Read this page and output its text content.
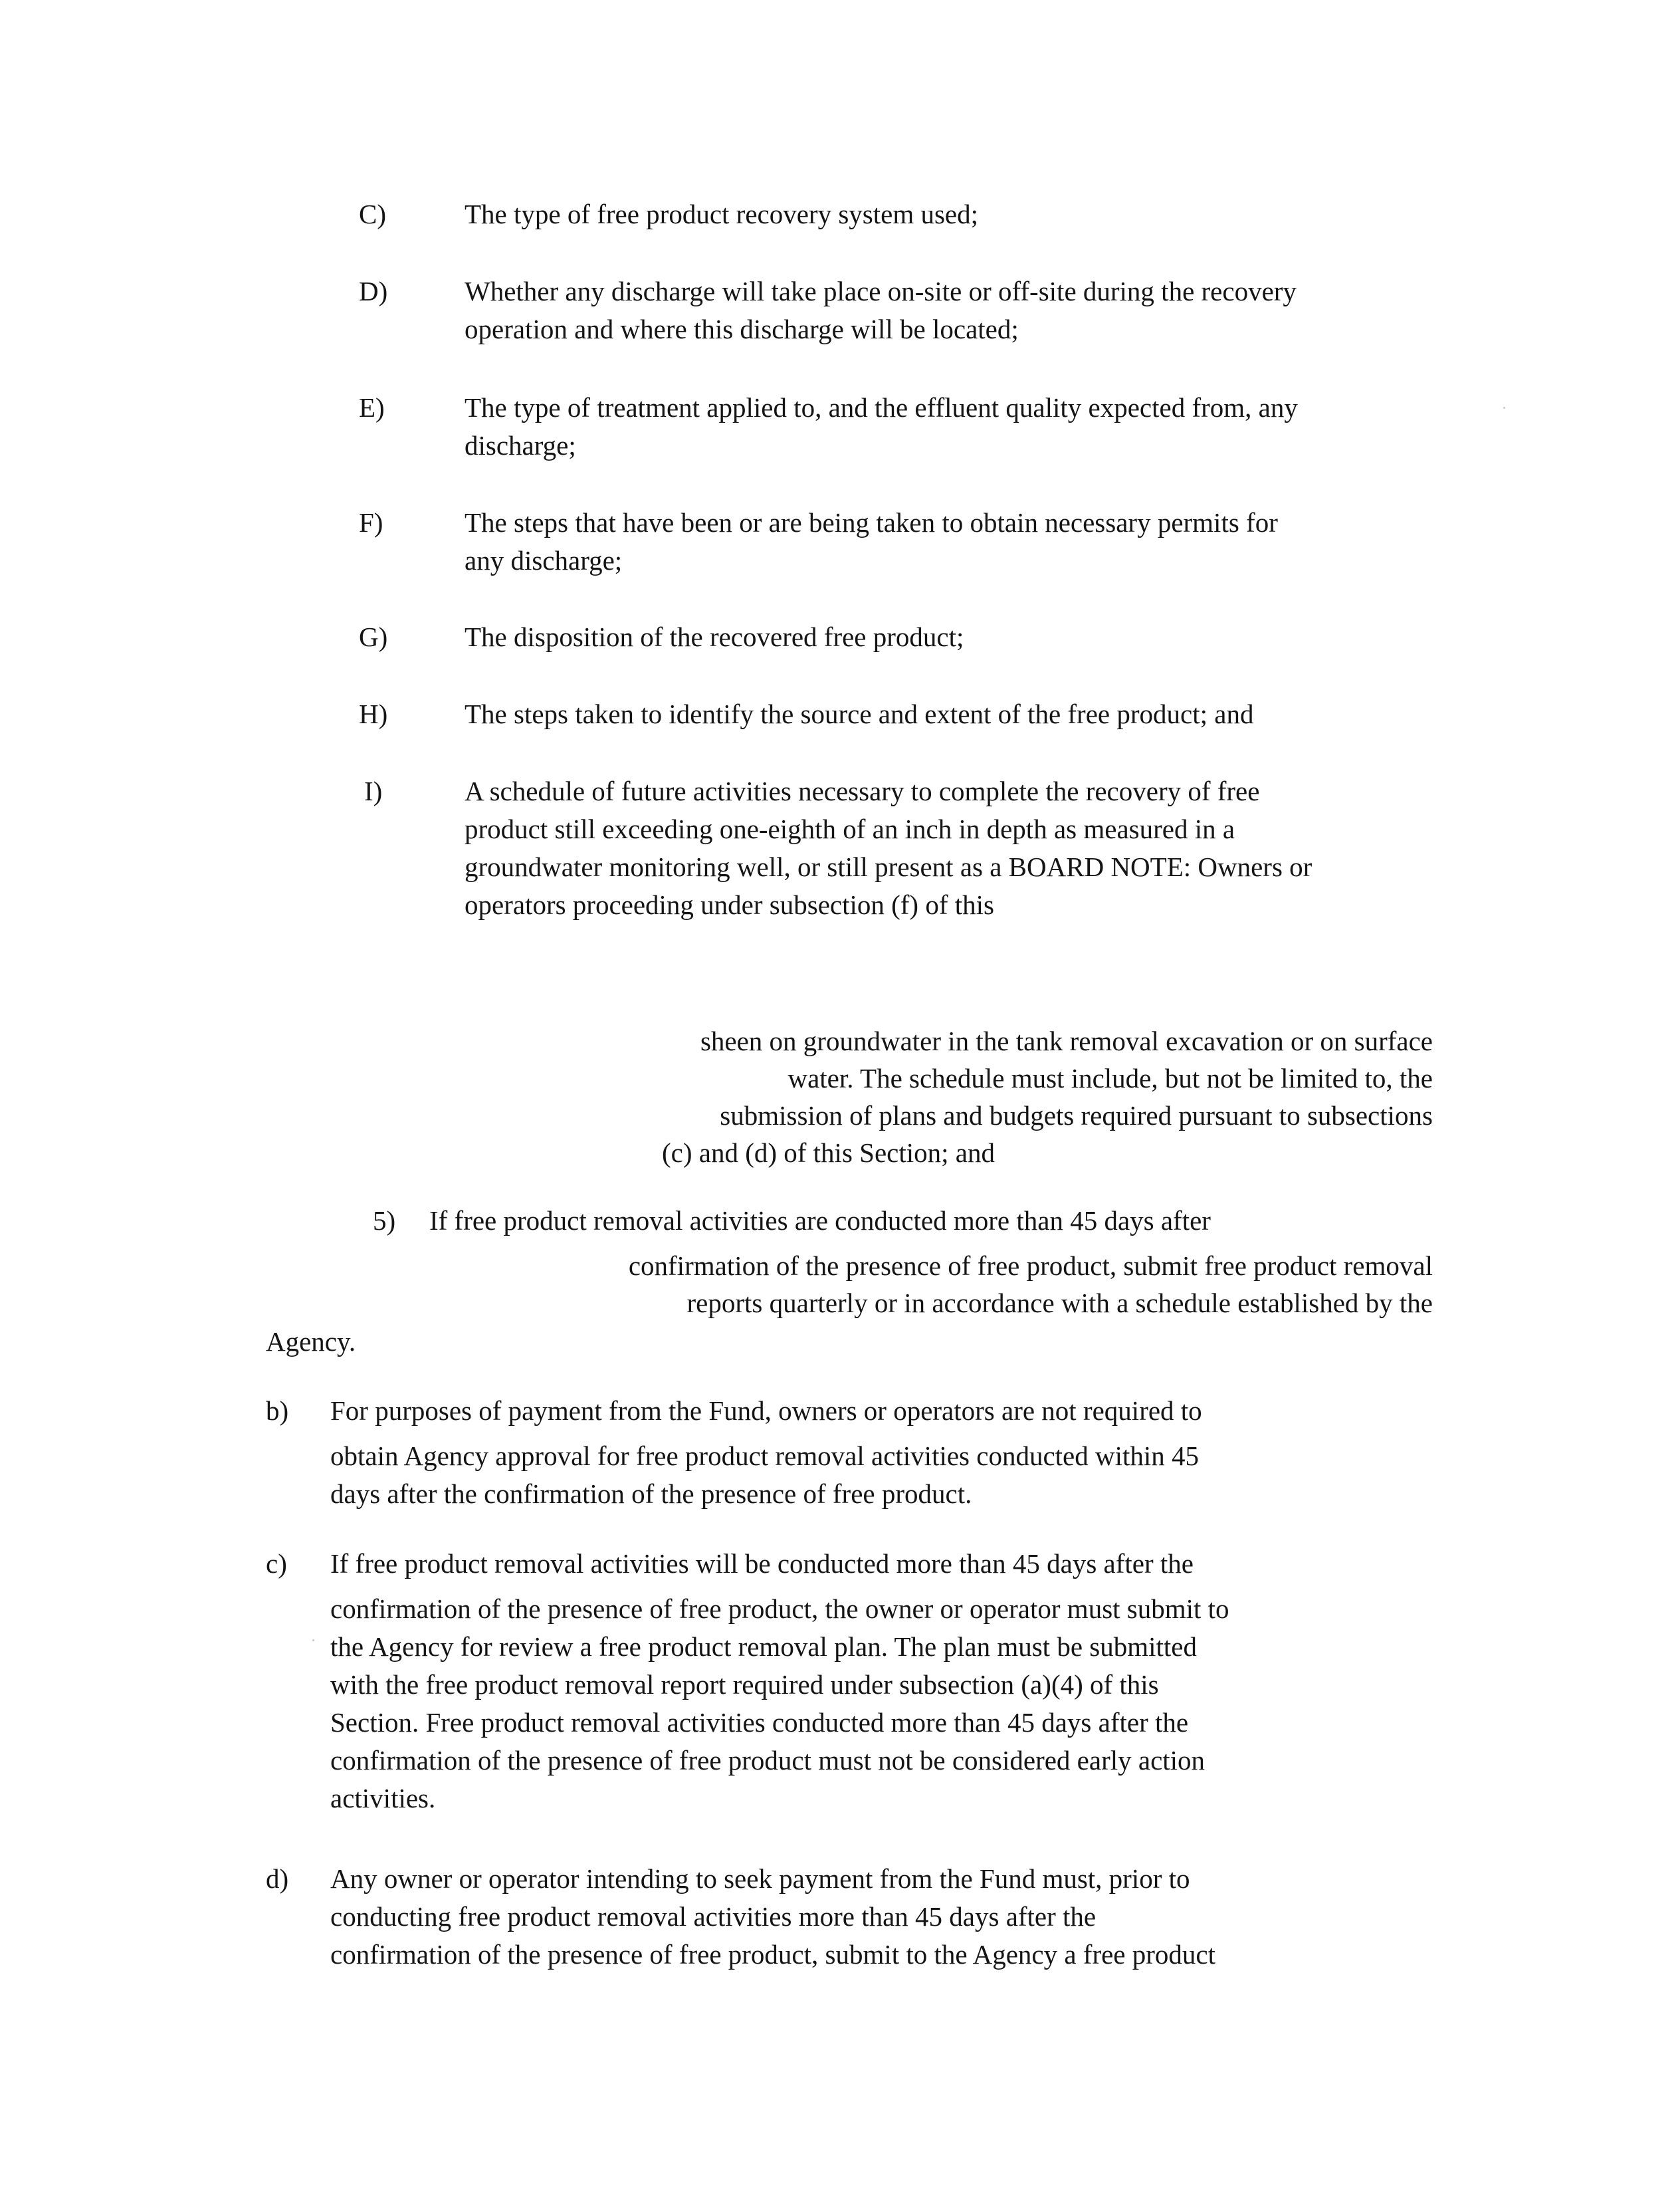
C)	The type of free product recovery system used;
D)	Whether any discharge will take place on-site or off-site during the recovery
operation and where this discharge will be located;
E)	The type of treatment applied to, and the effluent quality expected from, any
discharge;
F)	The steps that have been or are being taken to obtain necessary permits for
any discharge;
G)	The disposition of the recovered free product;
H)	The steps taken to identify the source and extent of the free product; and
I)	A schedule of future activities necessary to complete the recovery of free
product still exceeding one-eighth of an inch in depth as measured in a
groundwater monitoring well, or still present as a BOARD NOTE: Owners or
operators proceeding under subsection (f) of this
sheen on groundwater in the tank removal excavation or on surface
water. The schedule must include, but not be limited to, the
submission of plans and budgets required pursuant to subsections
(c) and (d) of this Section; and
5) If free product removal activities are conducted more than 45 days after
confirmation of the presence of free product, submit free product removal
reports quarterly or in accordance with a schedule established by the
Agency.
b) For purposes of payment from the Fund, owners or operators are not required to
obtain Agency approval for free product removal activities conducted within 45
days after the confirmation of the presence of free product.
c) If free product removal activities will be conducted more than 45 days after the
confirmation of the presence of free product, the owner or operator must submit to
the Agency for review a free product removal plan. The plan must be submitted
with the free product removal report required under subsection (a)(4) of this
Section. Free product removal activities conducted more than 45 days after the
confirmation of the presence of free product must not be considered early action
activities.
d) Any owner or operator intending to seek payment from the Fund must, prior to
conducting free product removal activities more than 45 days after the
confirmation of the presence of free product, submit to the Agency a free product
